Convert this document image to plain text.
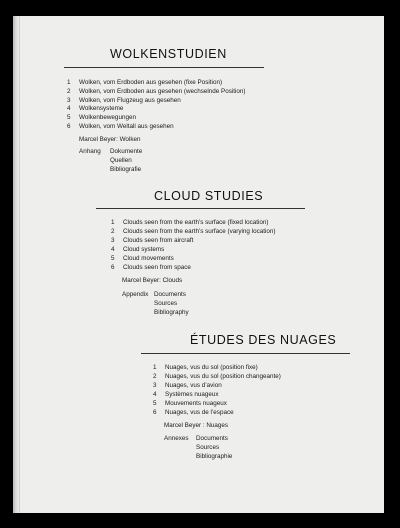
WOLKENSTUDIEN
1 Wolken, vom Erdboden aus gesehen (fixe Position)
2 Wolken, vom Erdboden aus gesehen (wechselnde Position)
3 Wolken, vom Flugzeug aus gesehen
4 Wolkensysteme
5 Wolkenbewegungen
6 Wolken, vom Weltall aus gesehen
Marcel Beyer: Wolken
Anhang Dokumente
Quellen
Bibliografie
CLOUD STUDIES
1 Clouds seen from the earth’s surface (fixed location)
2 Clouds seen from the earth’s surface (varying location)
3 Clouds seen from aircraft
4 Cloud systems
5 Cloud movements
6 Clouds seen from space
Marcel Beyer: Clouds
Appendix Documents
Sources
Bibliography
ÉTUDES DES NUAGES
1 Nuages, vus du sol (position fixe)
2 Nuages, vus du sol (position changeante)
3 Nuages, vus d’avion
4 Systèmes nuageux
5 Mouvements nuageux
6 Nuages, vus de l’espace
Marcel Beyer : Nuages
Annexes Documents
Sources
Bibliographie
